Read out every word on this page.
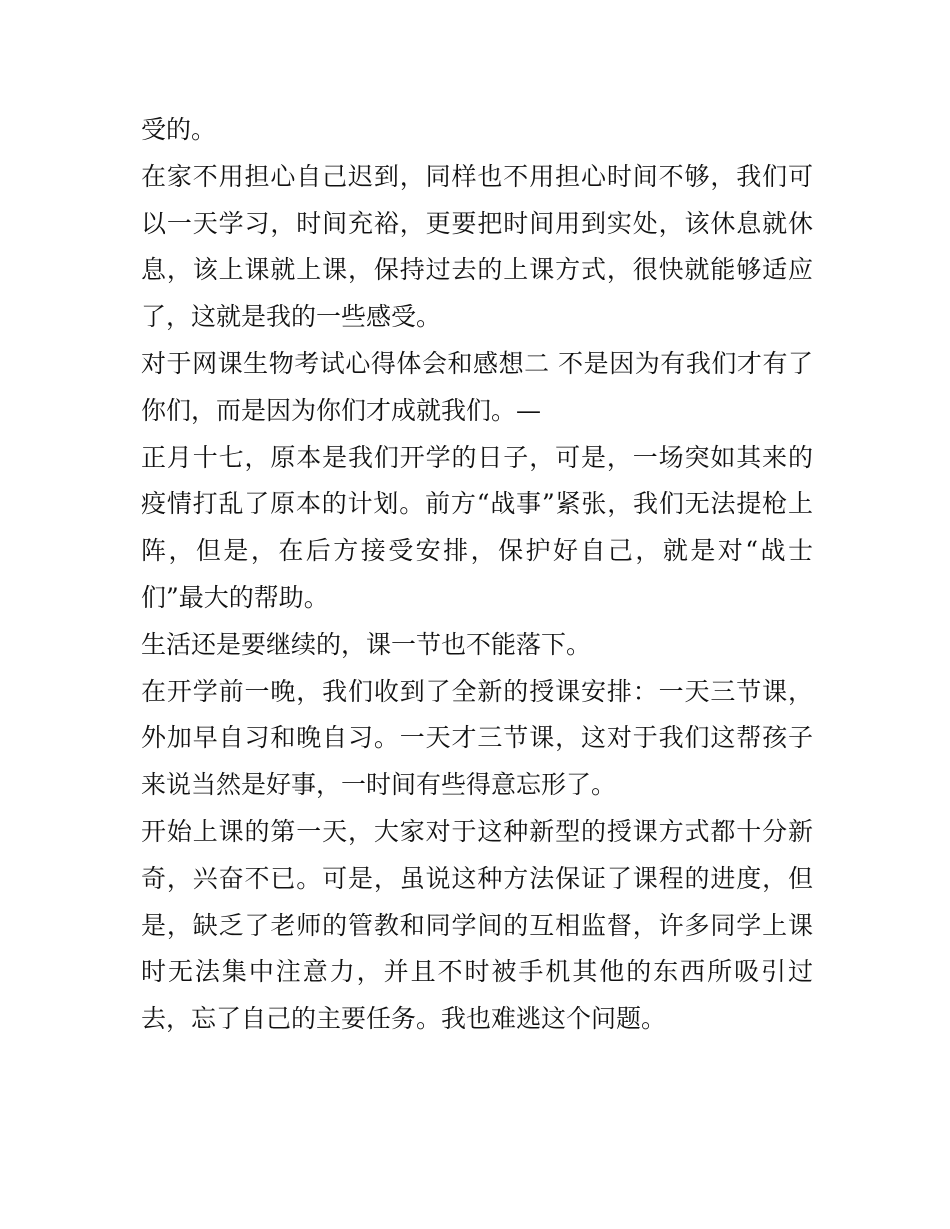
受的。

在家不用担心自己迟到，同样也不用担心时间不够，我们可以一天学习，时间充裕，更要把时间用到实处，该休息就休息，该上课就上课，保持过去的上课方式，很快就能够适应了，这就是我的一些感受。

对于网课生物考试心得体会和感想二 不是因为有我们才有了你们，而是因为你们才成就我们。—

正月十七，原本是我们开学的日子，可是，一场突如其来的疫情打乱了原本的计划。前方“战事”紧张，我们无法提枪上阵，但是，在后方接受安排，保护好自己，就是对“战士们”最大的帮助。

生活还是要继续的，课一节也不能落下。

在开学前一晚，我们收到了全新的授课安排：一天三节课，外加早自习和晚自习。一天才三节课，这对于我们这帮孩子来说当然是好事，一时间有些得意忘形了。

开始上课的第一天，大家对于这种新型的授课方式都十分新奇，兴奋不已。可是，虽说这种方法保证了课程的进度，但是，缺乏了老师的管教和同学间的互相监督，许多同学上课时无法集中注意力，并且不时被手机其他的东西所吸引过去，忘了自己的主要任务。我也难逃这个问题。
